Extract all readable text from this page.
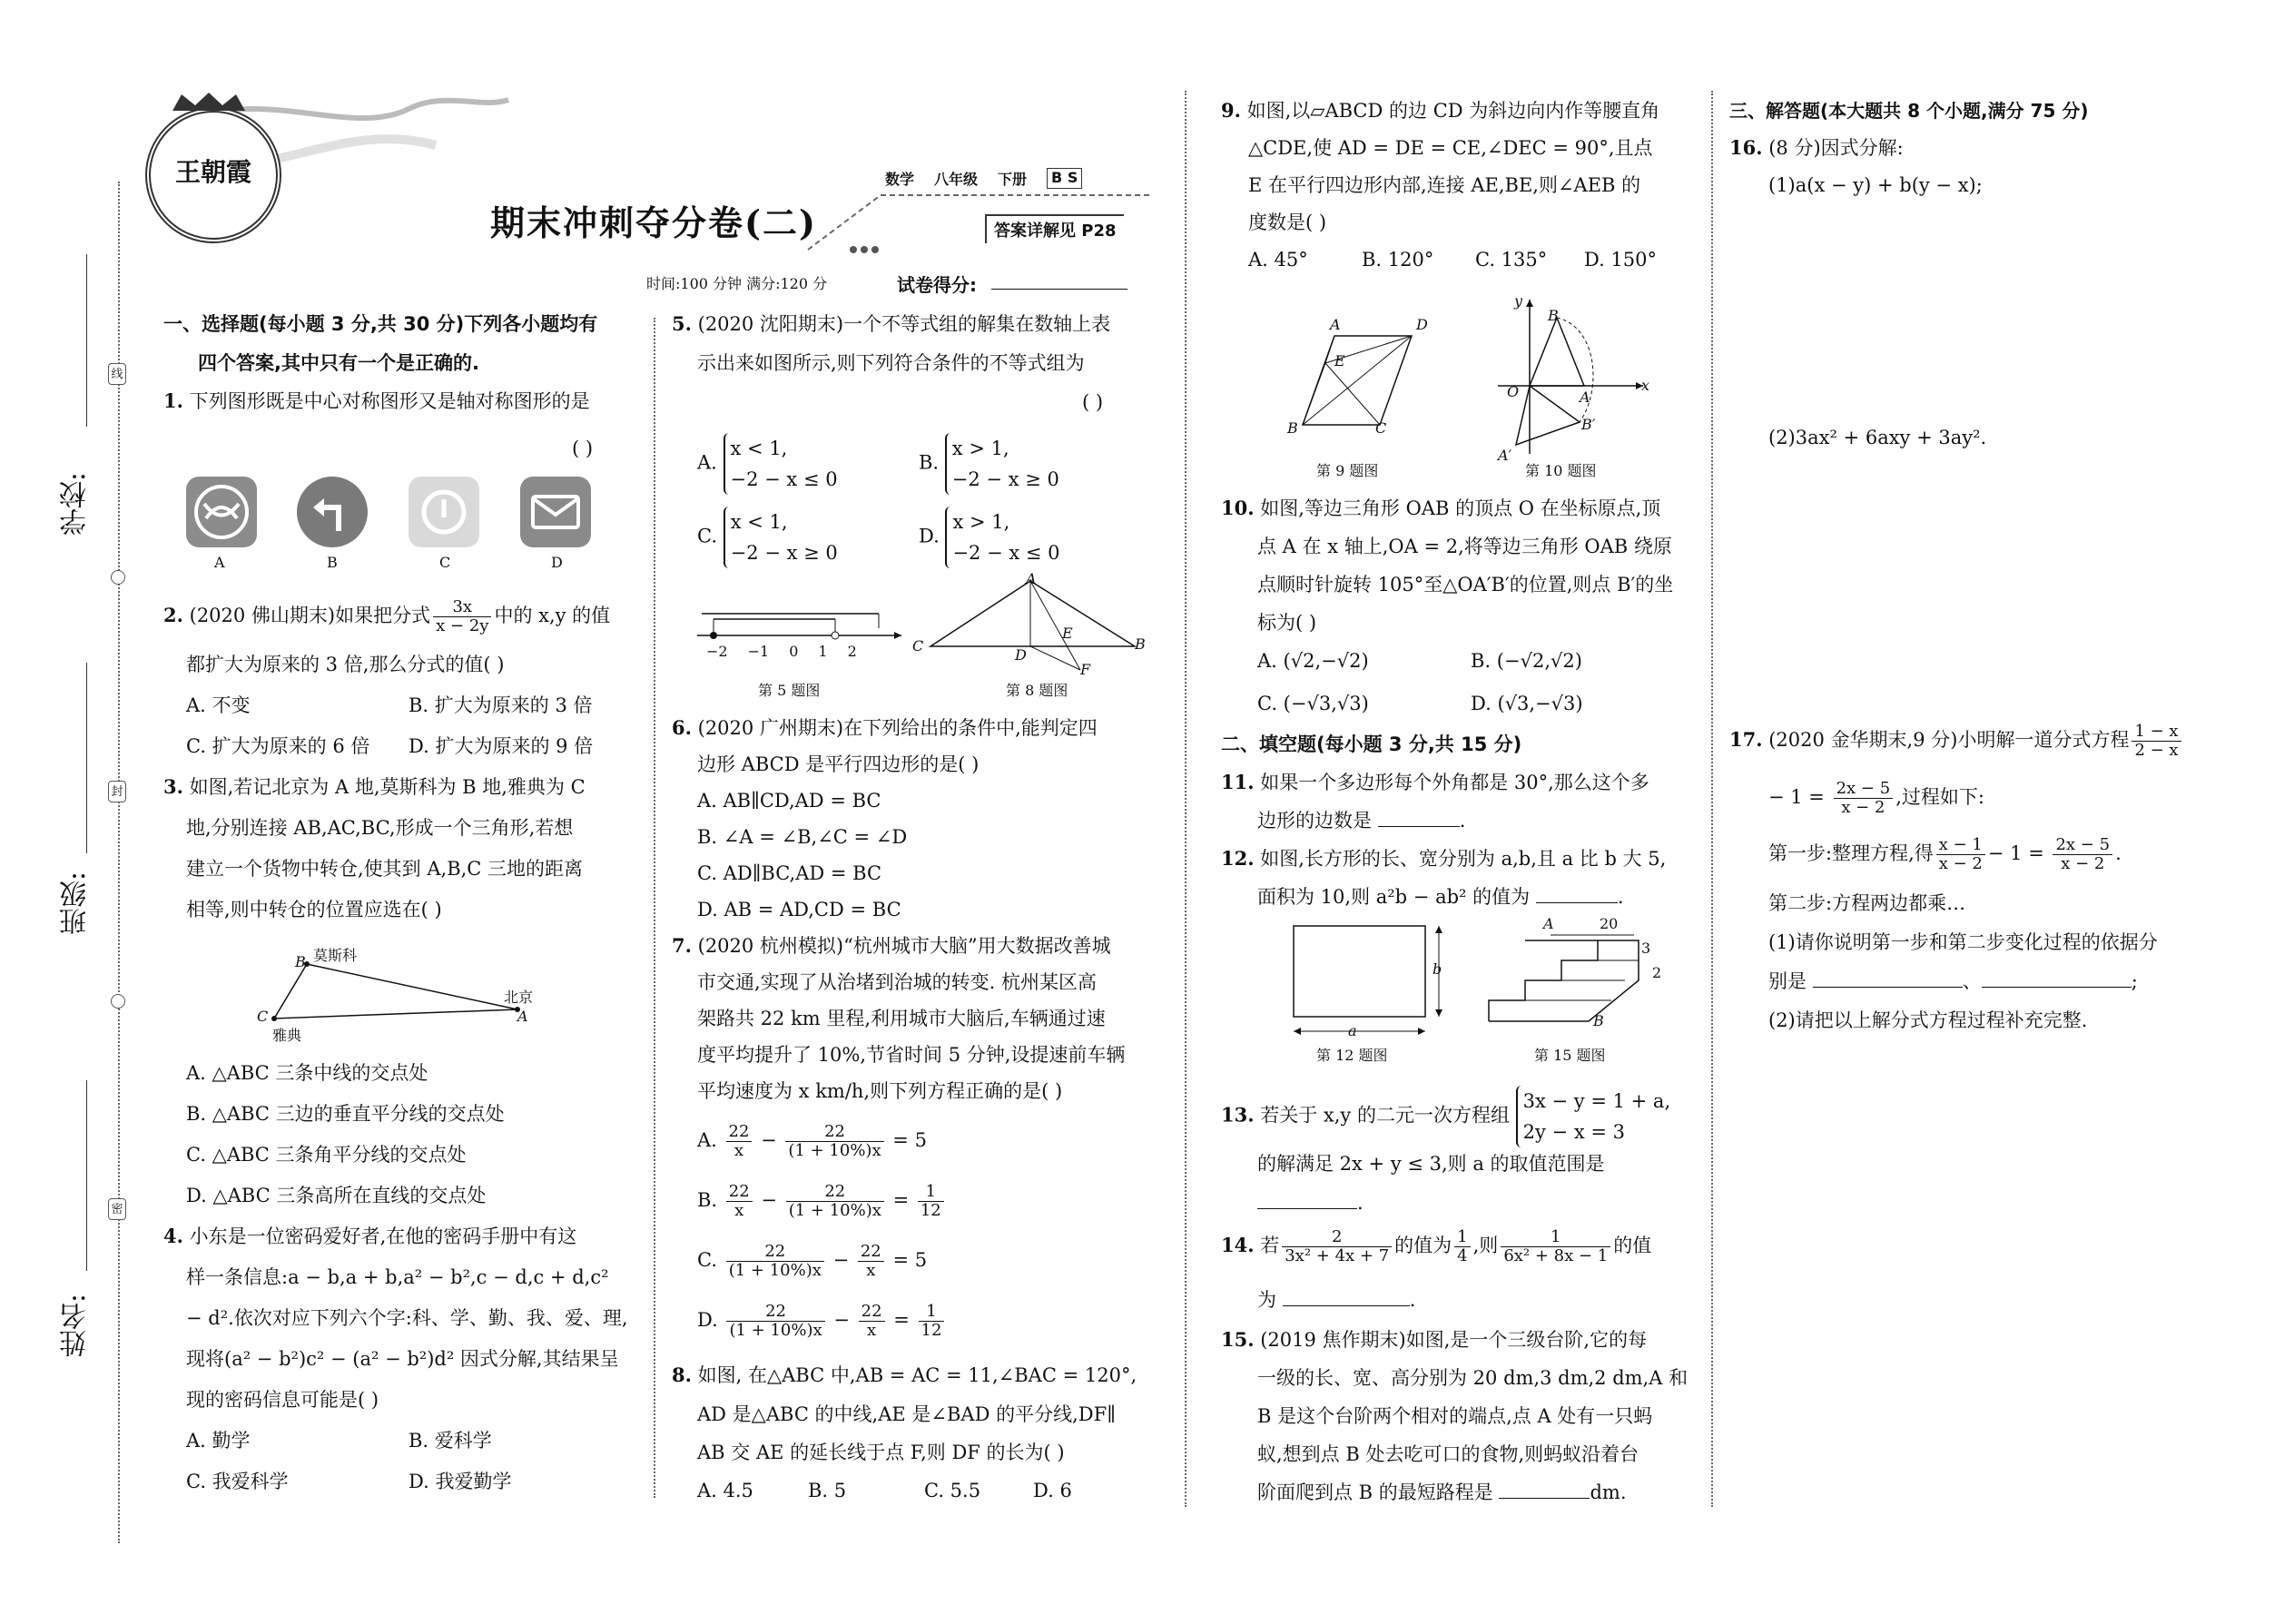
王朝霞
期末冲刺夺分卷(二)
数学 八年级 下册	B S
答案详解见 P28
时间:100 分钟 满分:120 分	试卷得分:
学校:
班级:
姓名:
线
封
密
一、选择题(每小题 3 分,共 30 分)下列各小题均有
四个答案,其中只有一个是正确的.
1. 下列图形既是中心对称图形又是轴对称图形的是
( )
A	B	C	D
2. (2020 佛山期末)如果把分式 $\frac{3x}{x - 2y}$ 中的 x,y 的值
都扩大为原来的 3 倍,那么分式的值( )
A. 不变	B. 扩大为原来的 3 倍
C. 扩大为原来的 6 倍 D. 扩大为原来的 9 倍
3. 如图,若记北京为 A 地,莫斯科为 B 地,雅典为 C
地,分别连接 AB,AC,BC,形成一个三角形,若想
建立一个货物中转仓,使其到 A,B,C 三地的距离
相等,则中转仓的位置应选在( )
B 莫斯科
C
雅典
A
北京
A. △ABC 三条中线的交点处
B. △ABC 三边的垂直平分线的交点处
C. △ABC 三条角平分线的交点处
D. △ABC 三条高所在直线的交点处
4. 小东是一位密码爱好者,在他的密码手册中有这
样一条信息:a − b,a + b,a² − b²,c − d,c + d,c²
− d².依次对应下列六个字:科、学、勤、我、爱、理,
现将(a² − b²)c² − (a² − b²)d² 因式分解,其结果呈
现的密码信息可能是( )
A. 勤学	B. 爱科学
C. 我爱科学	D. 我爱勤学
5. (2020 沈阳期末)一个不等式组的解集在数轴上表
示出来如图所示,则下列符合条件的不等式组为
( )
A.
x < 1,
−2 − x ≤ 0
B.
x > 1,
−2 − x ≥ 0
C.
x < 1,
−2 − x ≥ 0
D.
x > 1,
−2 − x ≤ 0
−2 −1 0 1 2
第 5 题图
A
C
D
B
E
F
第 8 题图
6. (2020 广州期末)在下列给出的条件中,能判定四
边形 ABCD 是平行四边形的是( )
A. AB∥CD,AD = BC
B. ∠A = ∠B,∠C = ∠D
C. AD∥BC,AD = BC
D. AB = AD,CD = BC
7. (2020 杭州模拟)“杭州城市大脑”用大数据改善城
市交通,实现了从治堵到治城的转变. 杭州某区高
架路共 22 km 里程,利用城市大脑后,车辆通过速
度平均提升了 10%,节省时间 5 分钟,设提速前车辆
平均速度为 x km/h,则下列方程正确的是( )
A. $\frac{22}{x} - \frac{22}{(1 + 10\%)x} = 5$
B. $\frac{22}{x} - \frac{22}{(1 + 10\%)x} = \frac{1}{12}$
C. $\frac{22}{(1 + 10\%)x} - \frac{22}{x} = 5$
D. $\frac{22}{(1 + 10\%)x} - \frac{22}{x} = \frac{1}{12}$
8. 如图, 在△ABC 中,AB = AC = 11,∠BAC = 120°,
AD 是△ABC 的中线,AE 是∠BAD 的平分线,DF∥
AB 交 AE 的延长线于点 F,则 DF 的长为( )
A. 4.5	B. 5	C. 5.5	D. 6
9. 如图,以▱ABCD 的边 CD 为斜边向内作等腰直角
△CDE,使 AD = DE = CE,∠DEC = 90°,且点
E 在平行四边形内部,连接 AE,BE,则∠AEB 的
度数是( )
A. 45°	B. 120° C. 135° D. 150°
A	D
E
B	C
第 9 题图
y
B
O	A
x
B′
A′
第 10 题图
10. 如图,等边三角形 OAB 的顶点 O 在坐标原点,顶
点 A 在 x 轴上,OA = 2,将等边三角形 OAB 绕原
点顺时针旋转 105°至△OA′B′的位置,则点 B′的坐
标为( )
A. (√2,−√2)	B. (−√2,√2)
C. (−√3,√3)	D. (√3,−√3)
二、填空题(每小题 3 分,共 15 分)
11. 如果一个多边形每个外角都是 30°,那么这个多
边形的边数是	.
12. 如图,长方形的长、宽分别为 a,b,且 a 比 b 大 5,
面积为 10,则 a²b − ab² 的值为	.
a
b
第 12 题图
A	20
3
2
B
第 15 题图
13. 若关于 x,y 的二元一次方程组
3x − y = 1 + a,
2y − x = 3
的解满足 2x + y ≤ 3,则 a 的取值范围是
.
14. 若 $\frac{2}{\text{3x² + 4x + 7}}$ 的值为 $\frac{1}{4}$ ,则 $\frac{1}{\text{6x² + 8x − 1}}$ 的值
为	.
15. (2019 焦作期末)如图,是一个三级台阶,它的每
一级的长、宽、高分别为 20 dm,3 dm,2 dm,A 和
B 是这个台阶两个相对的端点,点 A 处有一只蚂
蚁,想到点 B 处去吃可口的食物,则蚂蚁沿着台
阶面爬到点 B 的最短路程是	dm.
三、解答题(本大题共 8 个小题,满分 75 分)
16. (8 分)因式分解:
(1)a(x − y) + b(y − x);
(2)3ax² + 6axy + 3ay².
17. (2020 金华期末,9 分)小明解一道分式方程 $\frac{1 - x}{2 - x}$
− $1 = \frac{2x - 5}{x - 2}$ ,过程如下:
第一步:整理方程,得 $\frac{x - 1}{x - 2} - 1 = \frac{2x - 5}{x - 2}$ .
第二步:方程两边都乘…
(1)请你说明第一步和第二步变化过程的依据分
别是	、	;
(2)请把以上解分式方程过程补充完整.
